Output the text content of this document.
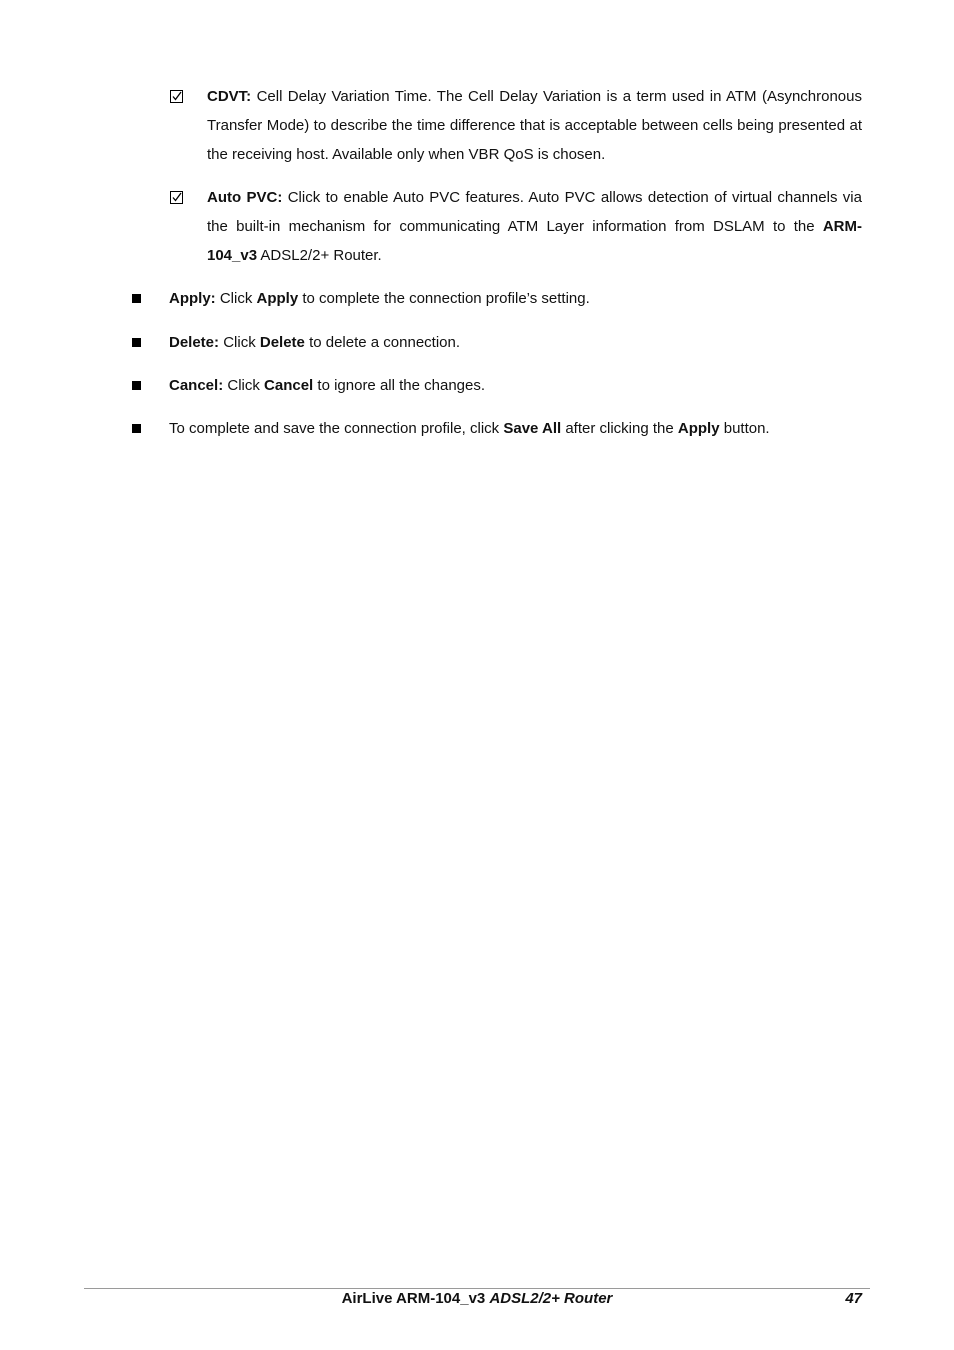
CDVT: Cell Delay Variation Time. The Cell Delay Variation is a term used in ATM (Asynchronous Transfer Mode) to describe the time difference that is acceptable between cells being presented at the receiving host. Available only when VBR QoS is chosen.
Auto PVC: Click to enable Auto PVC features. Auto PVC allows detection of virtual channels via the built-in mechanism for communicating ATM Layer information from DSLAM to the ARM-104_v3 ADSL2/2+ Router.
Apply: Click Apply to complete the connection profile’s setting.
Delete: Click Delete to delete a connection.
Cancel: Click Cancel to ignore all the changes.
To complete and save the connection profile, click Save All after clicking the Apply button.
AirLive ARM-104_v3 ADSL2/2+ Router	47
